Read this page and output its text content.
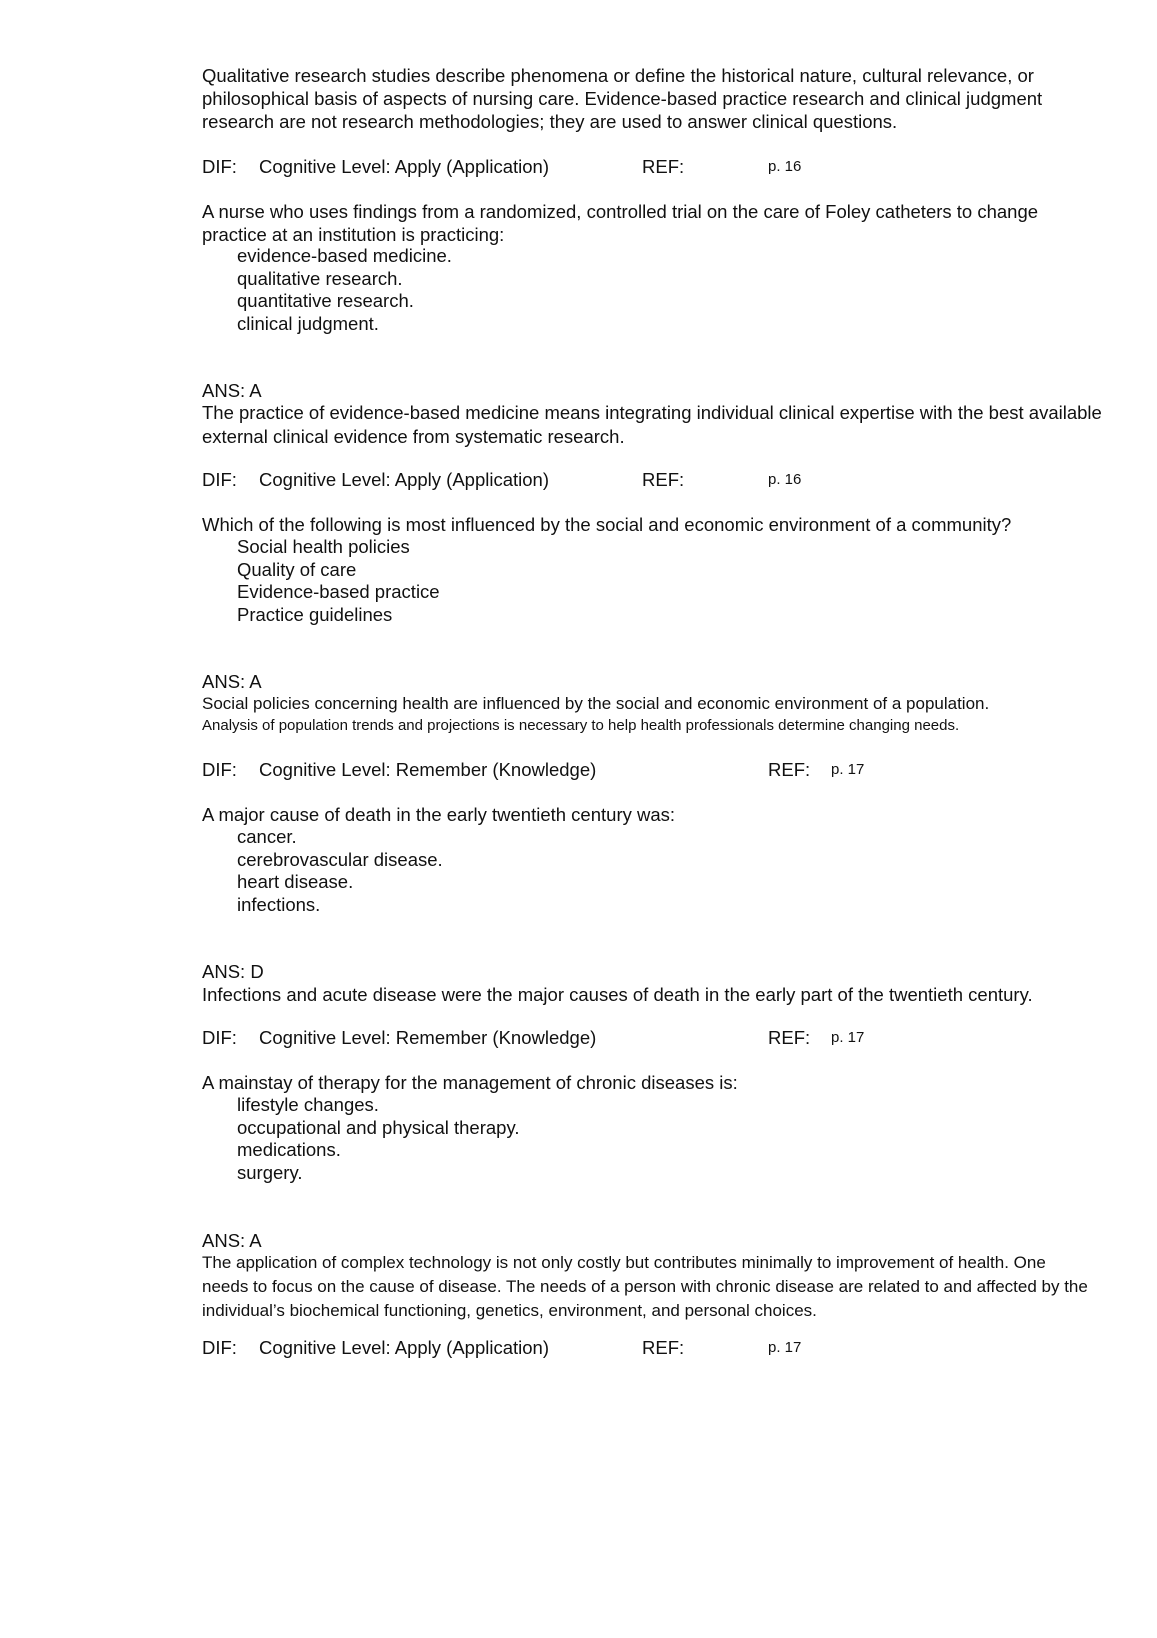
Qualitative research studies describe phenomena or define the historical nature, cultural relevance, or philosophical basis of aspects of nursing care. Evidence-based practice research and clinical judgment research are not research methodologies; they are used to answer clinical questions.

DIF: Cognitive Level: Apply (Application)	REF:	p. 16

A nurse who uses findings from a randomized, controlled trial on the care of Foley catheters to change practice at an institution is practicing:

evidence-based medicine.
qualitative research.
quantitative research.
clinical judgment.

ANS: A

The practice of evidence-based medicine means integrating individual clinical expertise with the best available external clinical evidence from systematic research.

DIF: Cognitive Level: Apply (Application)	REF:	p. 16

Which of the following is most influenced by the social and economic environment of a community?

Social health policies
Quality of care
Evidence-based practice
Practice guidelines

ANS: A

Social policies concerning health are influenced by the social and economic environment of a population.

Analysis of population trends and projections is necessary to help health professionals determine changing needs.

DIF: Cognitive Level: Remember (Knowledge)	REF: p. 17

A major cause of death in the early twentieth century was:

cancer.
cerebrovascular disease.
heart disease.
infections.

ANS: D

Infections and acute disease were the major causes of death in the early part of the twentieth century.

DIF: Cognitive Level: Remember (Knowledge)	REF: p. 17

A mainstay of therapy for the management of chronic diseases is:

lifestyle changes.
occupational and physical therapy.
medications.
surgery.

ANS: A

The application of complex technology is not only costly but contributes minimally to improvement of health. One needs to focus on the cause of disease. The needs of a person with chronic disease are related to and affected by the individual’s biochemical functioning, genetics, environment, and personal choices.

DIF: Cognitive Level: Apply (Application)	REF:	p. 17
